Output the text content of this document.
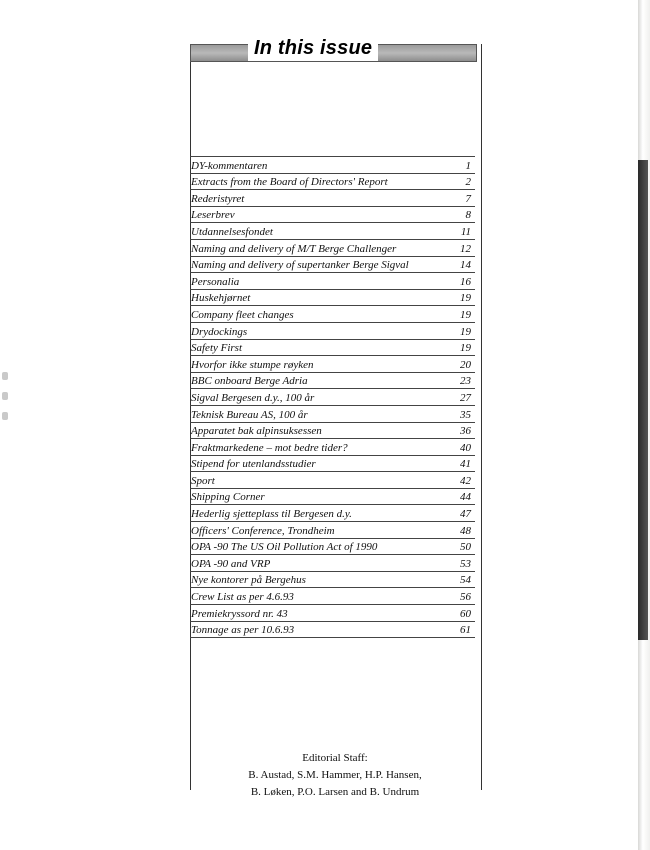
In this issue
DY-kommentaren	1
Extracts from the Board of Directors' Report	2
Rederistyret	7
Leserbrev	8
Utdannelsesfondet	11
Naming and delivery of M/T Berge Challenger	12
Naming and delivery of supertanker Berge Sigval	14
Personalia	16
Huskehjørnet	19
Company fleet changes	19
Drydockings	19
Safety First	19
Hvorfor ikke stumpe røyken	20
BBC onboard Berge Adria	23
Sigval Bergesen d.y., 100 år	27
Teknisk Bureau AS, 100 år	35
Apparatet bak alpinsuksessen	36
Fraktmarkedene – mot bedre tider?	40
Stipend for utenlandsstudier	41
Sport	42
Shipping Corner	44
Hederlig sjetteplass til Bergesen d.y.	47
Officers' Conference, Trondheim	48
OPA -90 The US Oil Pollution Act of 1990	50
OPA -90 and VRP	53
Nye kontorer på Bergehus	54
Crew List as per 4.6.93	56
Premiekryssord nr. 43	60
Tonnage as per 10.6.93	61
Editorial Staff:
B. Austad, S.M. Hammer, H.P. Hansen,
B. Løken, P.O. Larsen and B. Undrum
